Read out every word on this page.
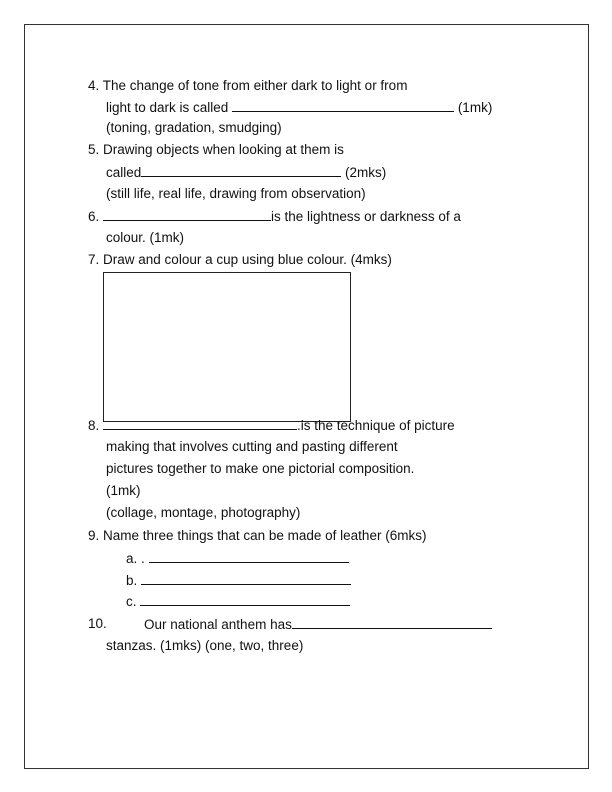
4. The change of tone from either dark to light or from
light to dark is called	(1mk)
(toning, gradation, smudging)
5. Drawing objects when looking at them is
called	(2mks)
(still life, real life, drawing from observation)
6.	is the lightness or darkness of a
colour. (1mk)
7. Draw and colour a cup using blue colour. (4mks)
8.	.is the technique of picture
making that involves cutting and pasting different
pictures together to make one pictorial composition.
(1mk)
(collage, montage, photography)
9. Name three things that can be made of leather (6mks)
a. .
b.
c.
10.	Our national anthem has
stanzas. (1mks) (one, two, three)
